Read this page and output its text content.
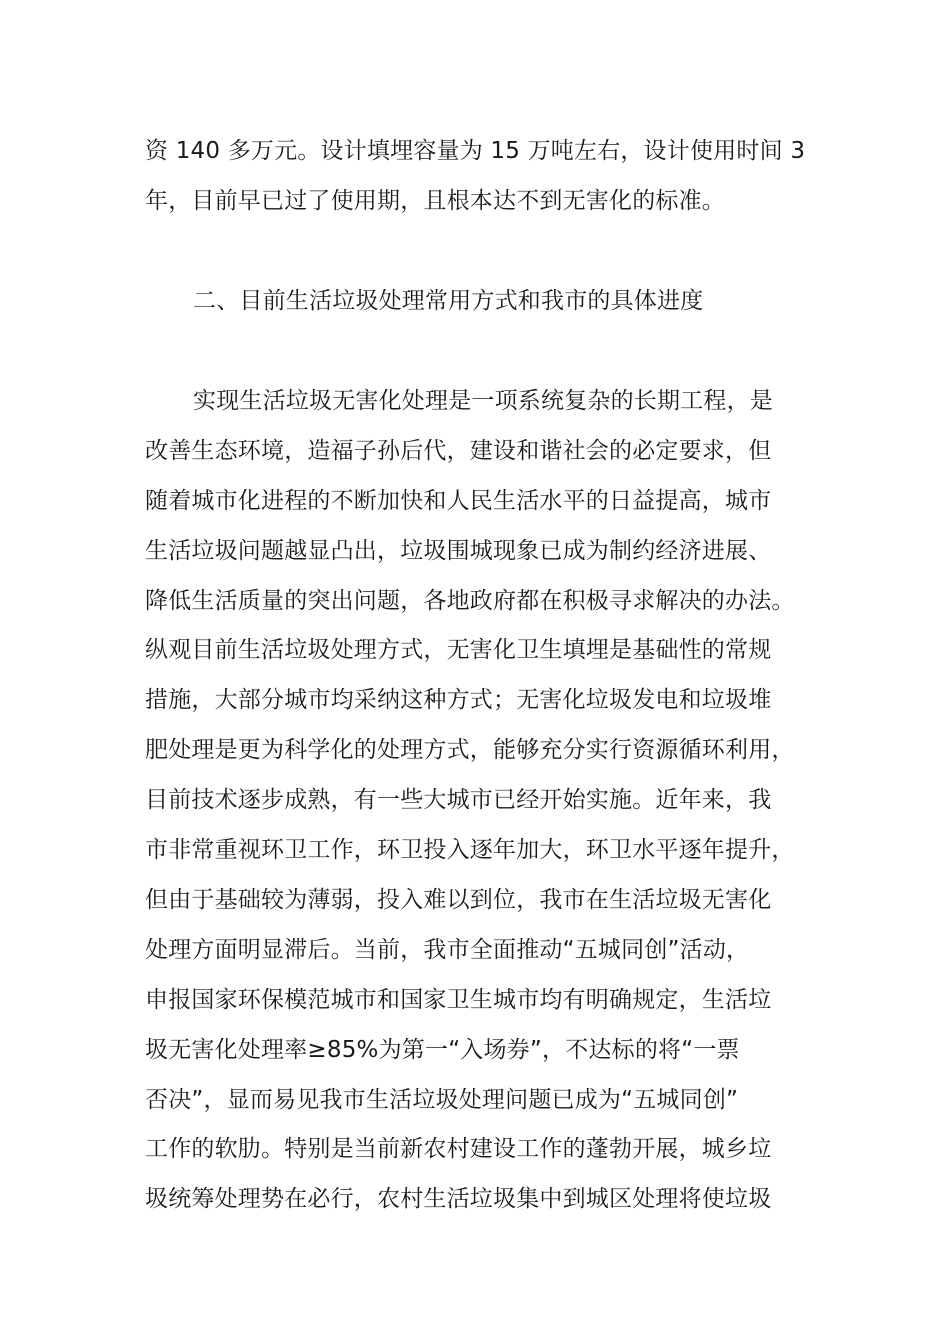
资 140 多万元。设计填埋容量为 15 万吨左右，设计使用时间 3
年，目前早已过了使用期，且根本达不到无害化的标准。
二、目前生活垃圾处理常用方式和我市的具体进度
实现生活垃圾无害化处理是一项系统复杂的长期工程，是
改善生态环境，造福子孙后代，建设和谐社会的必定要求，但
随着城市化进程的不断加快和人民生活水平的日益提高，城市
生活垃圾问题越显凸出，垃圾围城现象已成为制约经济进展、
降低生活质量的突出问题，各地政府都在积极寻求解决的办法。
纵观目前生活垃圾处理方式，无害化卫生填埋是基础性的常规
措施，大部分城市均采纳这种方式；无害化垃圾发电和垃圾堆
肥处理是更为科学化的处理方式，能够充分实行资源循环利用，
目前技术逐步成熟，有一些大城市已经开始实施。近年来，我
市非常重视环卫工作，环卫投入逐年加大，环卫水平逐年提升，
但由于基础较为薄弱，投入难以到位，我市在生活垃圾无害化
处理方面明显滞后。当前，我市全面推动“五城同创”活动，
申报国家环保模范城市和国家卫生城市均有明确规定，生活垃
圾无害化处理率≥85%为第一“入场券”，不达标的将“一票
否决”，显而易见我市生活垃圾处理问题已成为“五城同创”
工作的软肋。特别是当前新农村建设工作的蓬勃开展，城乡垃
圾统筹处理势在必行，农村生活垃圾集中到城区处理将使垃圾
